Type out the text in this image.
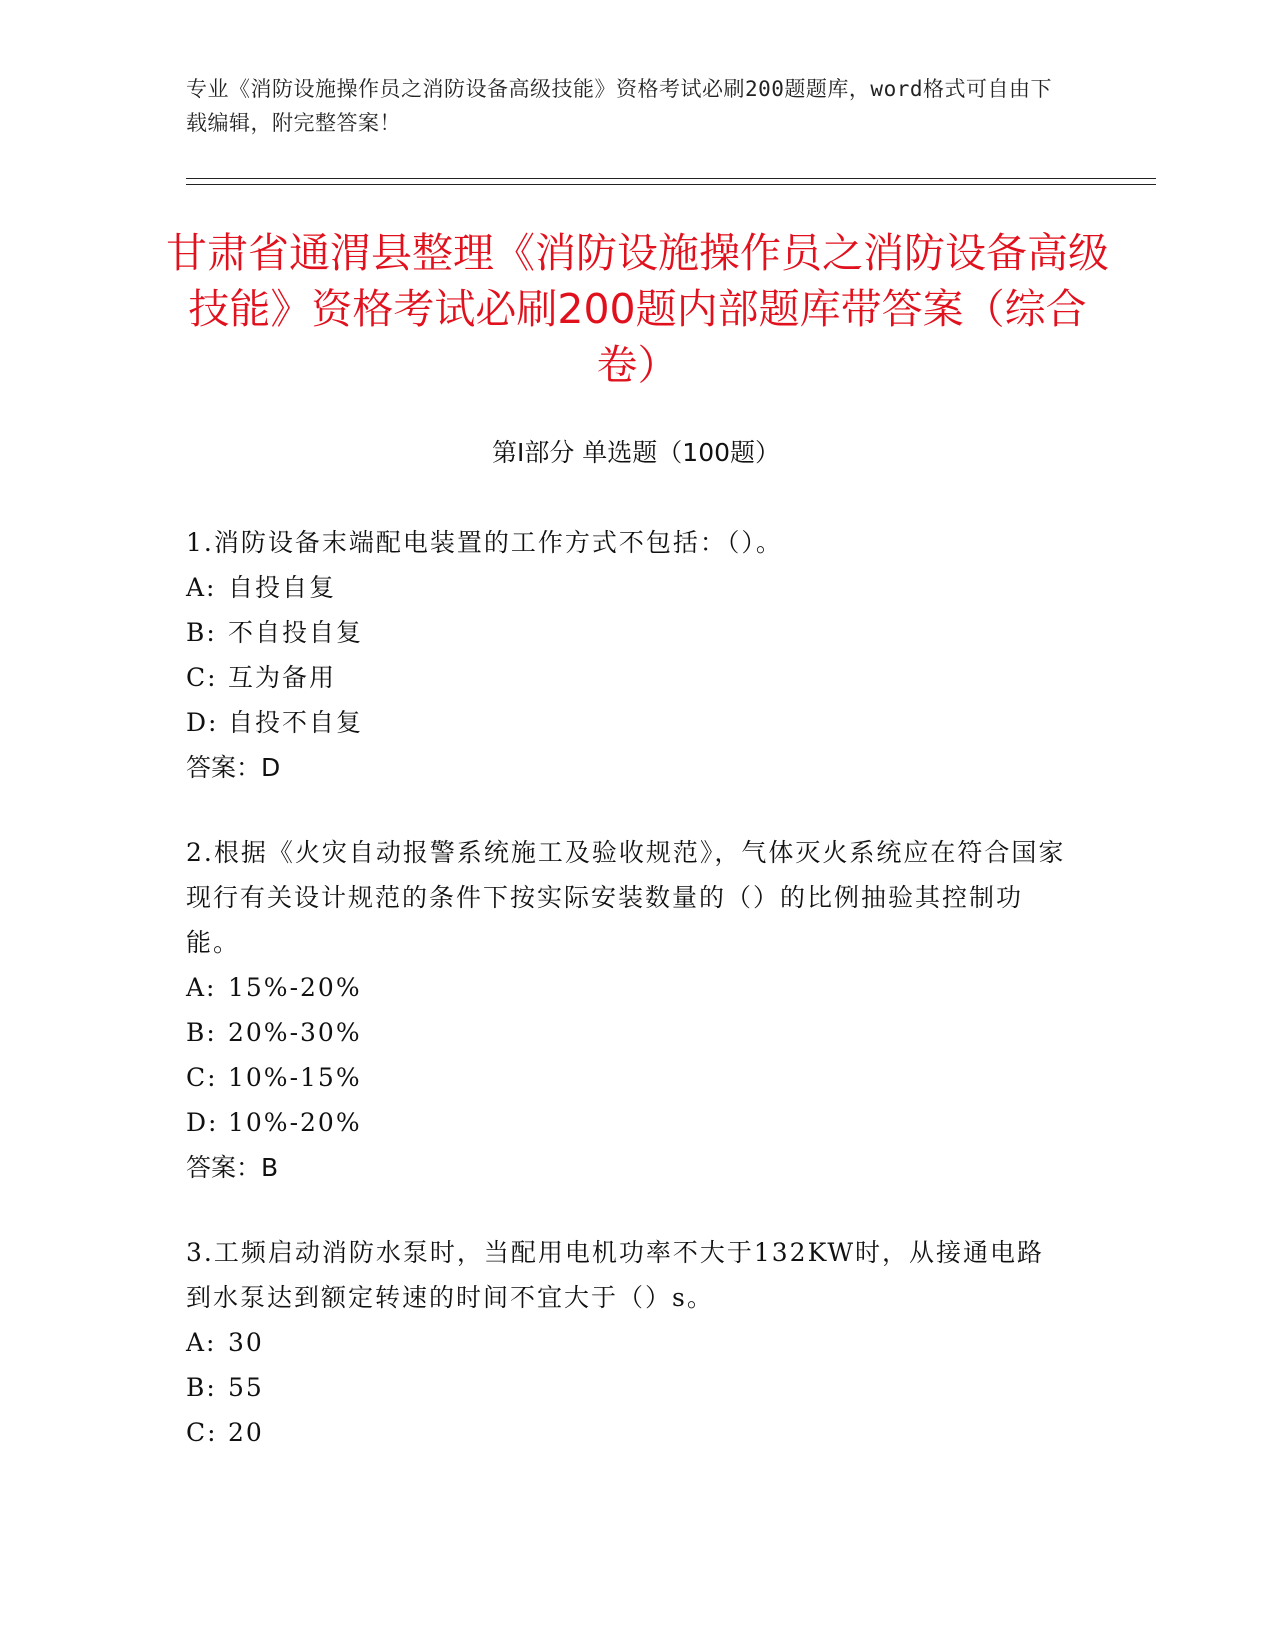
专业《消防设施操作员之消防设备高级技能》资格考试必刷200题题库，word格式可自由下载编辑，附完整答案！
甘肃省通渭县整理《消防设施操作员之消防设备高级技能》资格考试必刷200题内部题库带答案（综合卷）
第Ⅰ部分 单选题（100题）
1.消防设备末端配电装置的工作方式不包括：（）。
A: 自投自复
B: 不自投自复
C: 互为备用
D: 自投不自复
答案：D
2.根据《火灾自动报警系统施工及验收规范》，气体灭火系统应在符合国家现行有关设计规范的条件下按实际安装数量的（）的比例抽验其控制功能。
A: 15%-20%
B: 20%-30%
C: 10%-15%
D: 10%-20%
答案：B
3.工频启动消防水泵时，当配用电机功率不大于132KW时，从接通电路到水泵达到额定转速的时间不宜大于（）s。
A: 30
B: 55
C: 20
